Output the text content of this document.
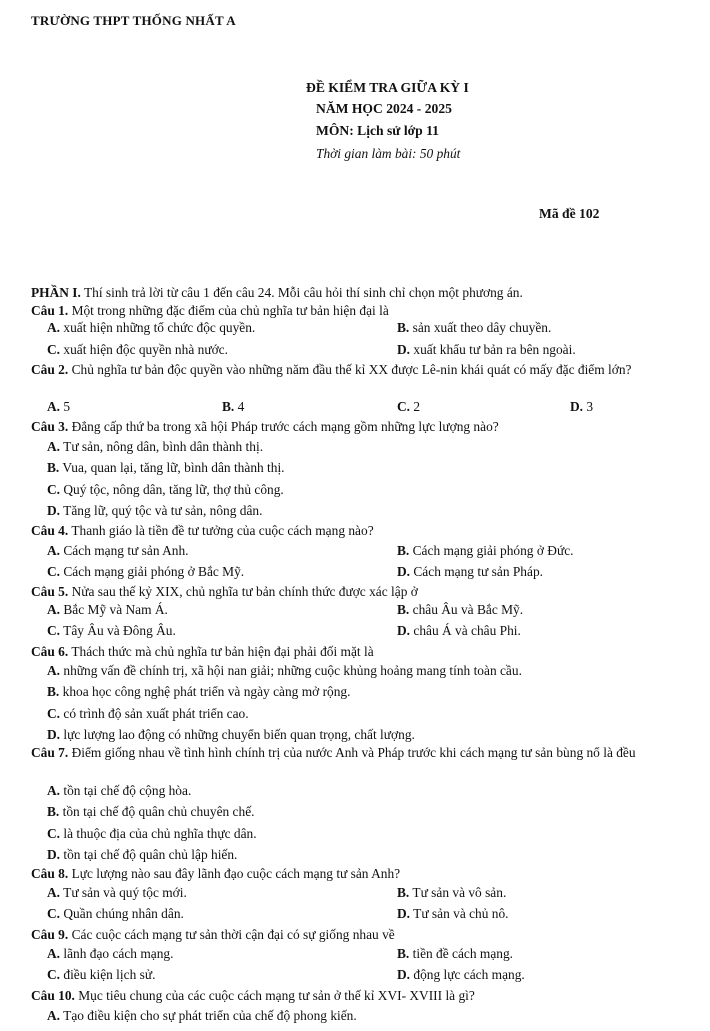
TRƯỜNG THPT THỐNG NHẤT A
ĐỀ KIỂM TRA GIỮA KỲ I
NĂM HỌC 2024 - 2025
MÔN: Lịch sử lớp 11
Thời gian làm bài: 50 phút
Mã đề 102
PHẦN I. Thí sinh trả lời từ câu 1 đến câu 24. Mỗi câu hỏi thí sinh chỉ chọn một phương án.
Câu 1. Một trong những đặc điểm của chủ nghĩa tư bản hiện đại là
A. xuất hiện những tổ chức độc quyền.	B. sản xuất theo dây chuyền.
C. xuất hiện độc quyền nhà nước.	D. xuất khẩu tư bản ra bên ngoài.
Câu 2. Chủ nghĩa tư bản độc quyền vào những năm đầu thế kỉ XX được Lê-nin khái quát có mấy đặc điểm lớn?
A. 5	B. 4	C. 2	D. 3
Câu 3. Đẳng cấp thứ ba trong xã hội Pháp trước cách mạng gồm những lực lượng nào?
A. Tư sản, nông dân, bình dân thành thị.
B. Vua, quan lại, tăng lữ, bình dân thành thị.
C. Quý tộc, nông dân, tăng lữ, thợ thủ công.
D. Tăng lữ, quý tộc và tư sản, nông dân.
Câu 4. Thanh giáo là tiền đề tư tưởng của cuộc cách mạng nào?
A. Cách mạng tư sản Anh.	B. Cách mạng giải phóng ở Đức.
C. Cách mạng giải phóng ở Bắc Mỹ.	D. Cách mạng tư sản Pháp.
Câu 5. Nửa sau thế kỷ XIX, chủ nghĩa tư bản chính thức được xác lập ở
A. Bắc Mỹ và Nam Á.	B. châu Âu và Bắc Mỹ.
C. Tây Âu và Đông Âu.	D. châu Á và châu Phi.
Câu 6. Thách thức mà chủ nghĩa tư bản hiện đại phải đối mặt là
A. những vấn đề chính trị, xã hội nan giải; những cuộc khủng hoảng mang tính toàn cầu.
B. khoa học công nghệ phát triển và ngày càng mở rộng.
C. có trình độ sản xuất phát triển cao.
D. lực lượng lao động có những chuyển biến quan trọng, chất lượng.
Câu 7. Điểm giống nhau về tình hình chính trị của nước Anh và Pháp trước khi cách mạng tư sản bùng nổ là đều
A. tồn tại chế độ cộng hòa.
B. tồn tại chế độ quân chủ chuyên chế.
C. là thuộc địa của chủ nghĩa thực dân.
D. tồn tại chế độ quân chủ lập hiến.
Câu 8. Lực lượng nào sau đây lãnh đạo cuộc cách mạng tư sản Anh?
A. Tư sản và quý tộc mới.	B. Tư sản và vô sản.
C. Quần chúng nhân dân.	D. Tư sản và chủ nô.
Câu 9. Các cuộc cách mạng tư sản thời cận đại có sự giống nhau về
A. lãnh đạo cách mạng.	B. tiền đề cách mạng.
C. điều kiện lịch sử.	D. động lực cách mạng.
Câu 10. Mục tiêu chung của các cuộc cách mạng tư sản ở thế kỉ XVI- XVIII là gì?
A. Tạo điều kiện cho sự phát triển của chế độ phong kiến.
